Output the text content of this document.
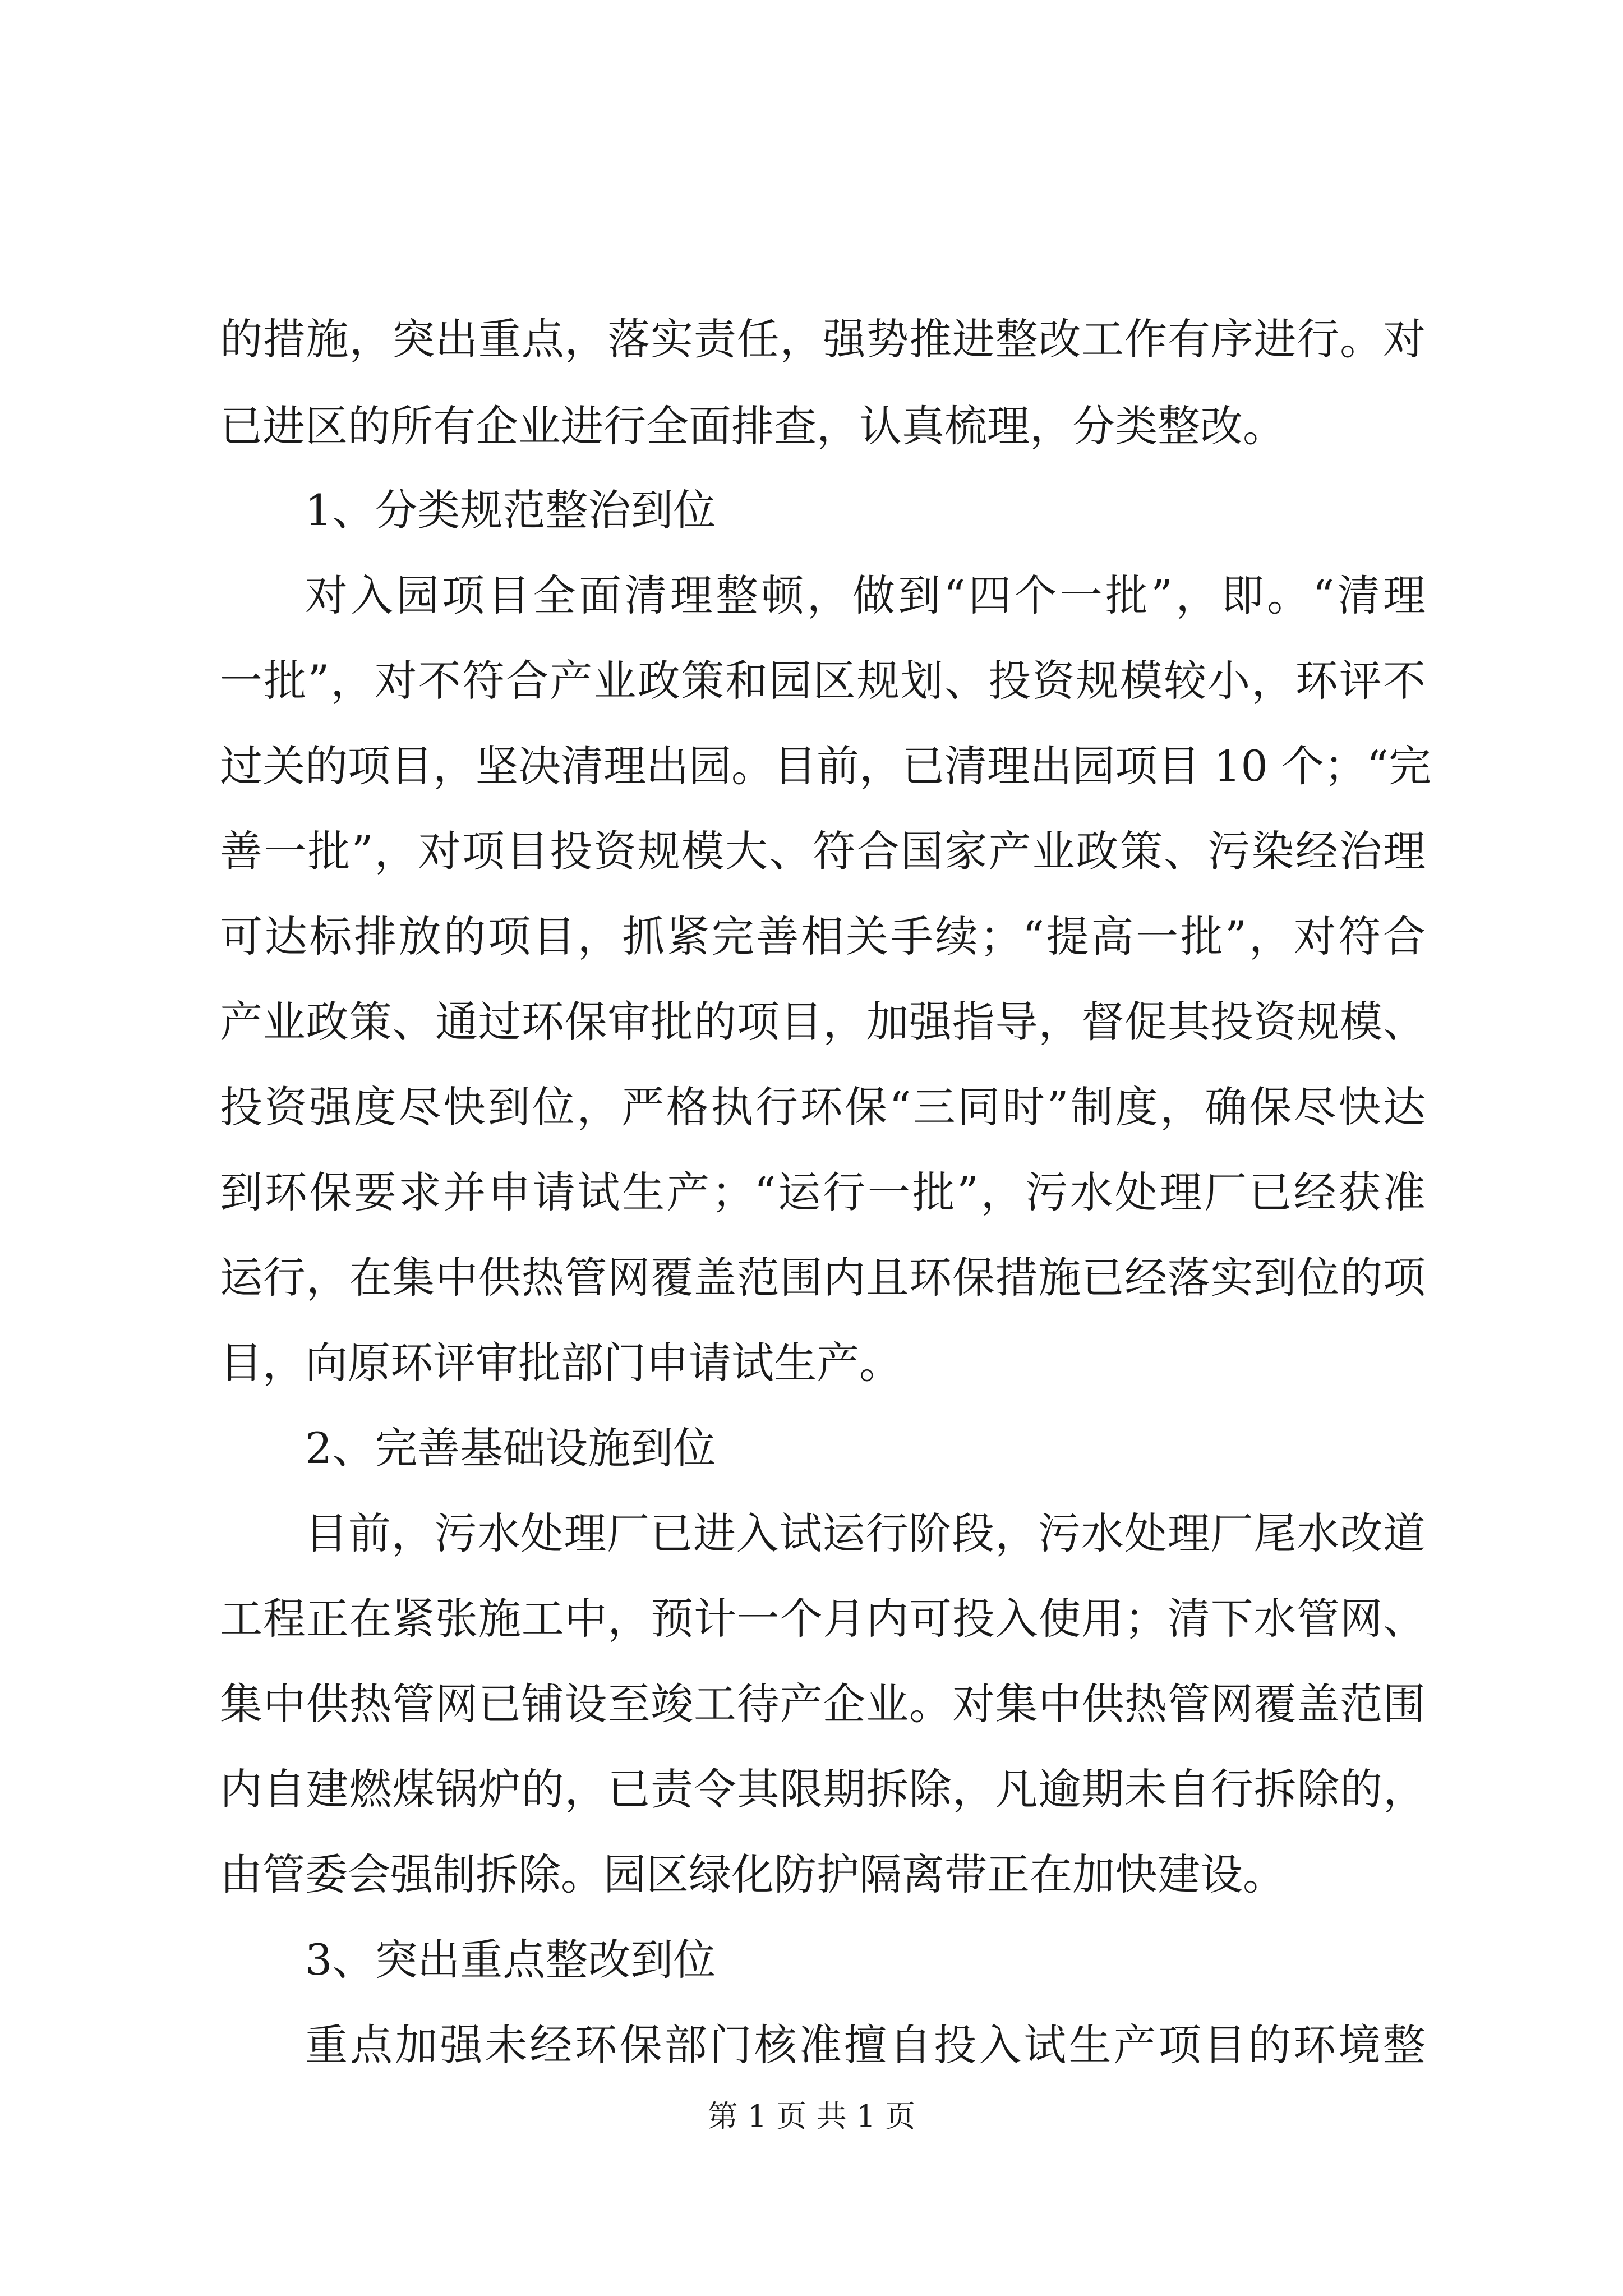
的措施，突出重点，落实责任，强势推进整改工作有序进行。对
已进区的所有企业进行全面排查，认真梳理，分类整改。
1、分类规范整治到位
对入园项目全面清理整顿，做到“四个一批”，即。“清理
一批”，对不符合产业政策和园区规划、投资规模较小，环评不
过关的项目，坚决清理出园。目前，已清理出园项目 10 个；“完
善一批”，对项目投资规模大、符合国家产业政策、污染经治理
可达标排放的项目，抓紧完善相关手续；“提高一批”，对符合
产业政策、通过环保审批的项目，加强指导，督促其投资规模、
投资强度尽快到位，严格执行环保“三同时”制度，确保尽快达
到环保要求并申请试生产；“运行一批”，污水处理厂已经获准
运行，在集中供热管网覆盖范围内且环保措施已经落实到位的项
目，向原环评审批部门申请试生产。
2、完善基础设施到位
目前，污水处理厂已进入试运行阶段，污水处理厂尾水改道
工程正在紧张施工中，预计一个月内可投入使用；清下水管网、
集中供热管网已铺设至竣工待产企业。对集中供热管网覆盖范围
内自建燃煤锅炉的，已责令其限期拆除，凡逾期未自行拆除的，
由管委会强制拆除。园区绿化防护隔离带正在加快建设。
3、突出重点整改到位
重点加强未经环保部门核准擅自投入试生产项目的环境整
第 1 页 共 1 页
